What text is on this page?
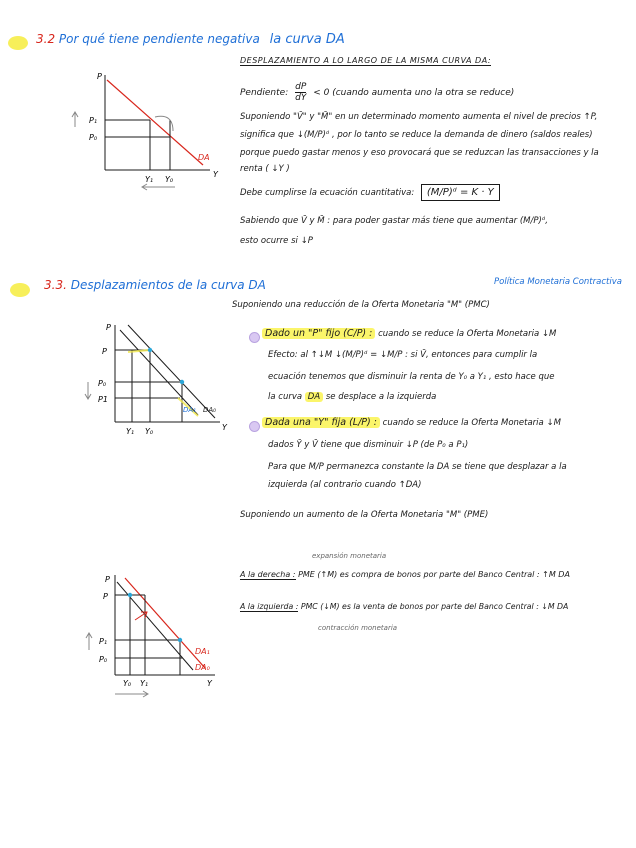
3.2 Por qué tiene pendiente negativa la curva DA
P
Y
P₁
P₀
Y₁ Y₀
DA
DESPLAZAMIENTO A LO LARGO DE LA MISMA CURVA DA:
Pendiente: $\frac{dP}{dY} < 0$ (cuando aumenta uno la otra se reduce)
Suponiendo "V̄" y "M̄" en un determinado momento aumenta el nivel de precios ↑P,
significa que ↓(M/P)ᵈ , por lo tanto se reduce la demanda de dinero (saldos reales)
porque puedo gastar menos y eso provocará que se reduzcan las transacciones y la
renta ( ↓Y )
Debe cumplirse la ecuación cuantitativa: (M/P)ᵈ = K · Y
Sabiendo que V̄ y M̄ : para poder gastar más tiene que aumentar (M/P)ᵈ,
esto ocurre si ↓P
3.3. Desplazamientos de la curva DA	Política Monetaria Contractiva
Suponiendo una reducción de la Oferta Monetaria "M" (PMC)
P
Y
P
P₀
P1
Y₁ Y₀
DA₁ DA₀
Dado un "P" fijo (C/P) : cuando se reduce la Oferta Monetaria ↓M
Efecto: al ↑↓M ↓(M/P)ᵈ = ↓M/P : si V̄, entonces para cumplir la
ecuación tenemos que disminuir la renta de Y₀ a Y₁ , esto hace que
la curva DA se desplace a la izquierda
Dada una "Y" fija (L/P) : cuando se reduce la Oferta Monetaria ↓M
dados Ȳ y V̄ tiene que disminuir ↓P (de P₀ a P₁)
Para que M/P permanezca constante la DA se tiene que desplazar a la
izquierda (al contrario cuando ↑DA)
Suponiendo un aumento de la Oferta Monetaria "M" (PME)
expansión monetaria
A la derecha : PME (↑M) es compra de bonos por parte del Banco Central : ↑M DA
A la izquierda : PMC (↓M) es la venta de bonos por parte del Banco Central : ↓M DA
contracción monetaria
P
Y
P
P₁
P₀
Y₀ Y₁
DA₁
DA₀
